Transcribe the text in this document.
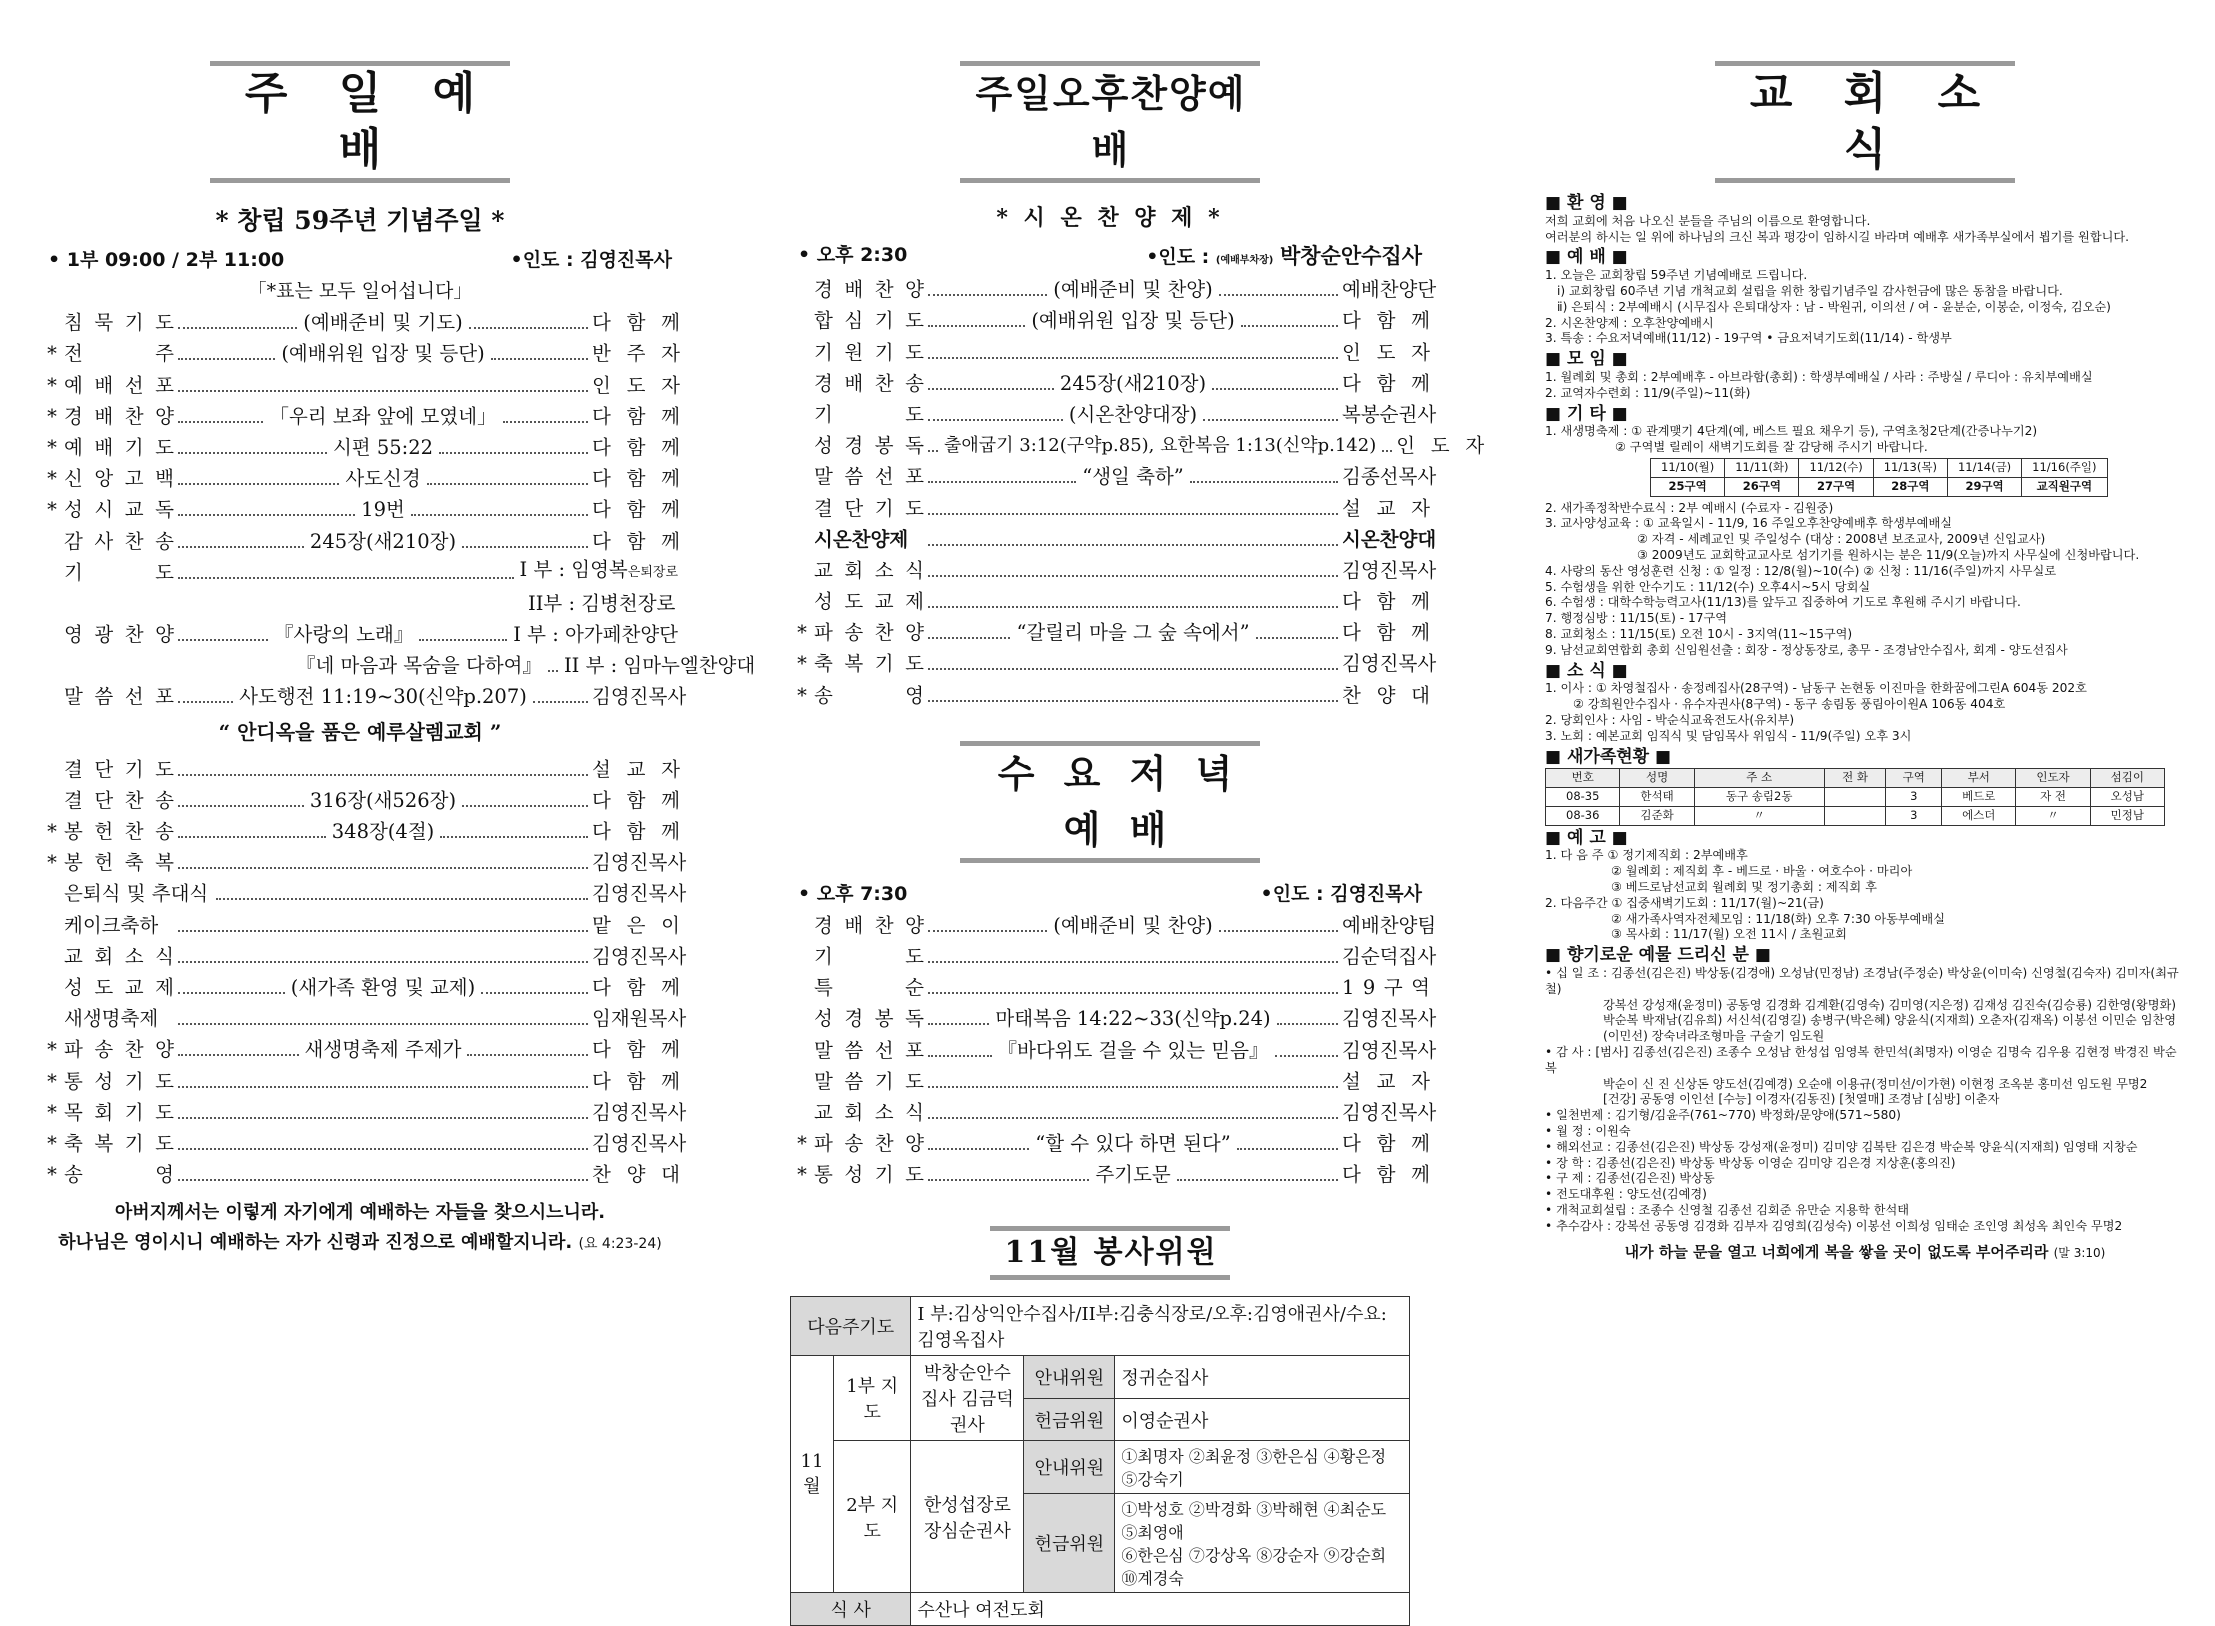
주 일 예 배
* 창립 59주년 기념주일 *
• 1부 09:00 / 2부 11:00	•인도 : 김영진목사
「*표는 모두 일어섭니다」
침 묵 기 도	(예배준비 및 기도)	다 함 께
* 전 주	(예배위원 입장 및 등단)	반 주 자
* 예 배 선 포	인 도 자
* 경 배 찬 양	「우리 보좌 앞에 모였네」	다 함 께
* 예 배 기 도	시편 55:22	다 함 께
* 신 앙 고 백	사도신경	다 함 께
* 성 시 교 독	19번	다 함 께
감 사 찬 송	245장(새210장)	다 함 께
기 도	I 부 : 임영복은퇴장로
II부 : 김병천장로
영 광 찬 양	『사랑의 노래』	I 부 : 아가페찬양단
『네 마음과 목숨을 다하여』 II 부 : 임마누엘찬양대
말 씀 선 포	사도행전 11:19~30(신약p.207)	김영진목사
“ 안디옥을 품은 예루살렘교회 ”
결 단 기 도	설 교 자
결 단 찬 송	316장(새526장)	다 함 께
* 봉 헌 찬 송	348장(4절)	다 함 께
* 봉 헌 축 복	김영진목사
은퇴식 및 추대식	김영진목사
케이크축하	맡 은 이
교 회 소 식	김영진목사
성 도 교 제	(새가족 환영 및 교제)	다 함 께
새생명축제	임재원목사
* 파 송 찬 양	새생명축제 주제가	다 함 께
* 통 성 기 도	다 함 께
* 목 회 기 도	김영진목사
* 축 복 기 도	김영진목사
* 송 영	찬 양 대
아버지께서는 이렇게 자기에게 예배하는 자들을 찾으시느니라.
하나님은 영이시니 예배하는 자가 신령과 진정으로 예배할지니라. (요 4:23-24)
주일오후찬양예배
* 시 온 찬 양 제 *
• 오후 2:30	•인도 : (예배부차장) 박창순안수집사
경 배 찬 양	(예배준비 및 찬양)	예배찬양단
합 심 기 도	(예배위원 입장 및 등단)	다 함 께
기 원 기 도	인 도 자
경 배 찬 송	245장(새210장)	다 함 께
기 도	(시온찬양대장)	복봉순권사
성 경 봉 독 출애굽기 3:12(구약p.85), 요한복음 1:13(신약p.142) 인 도 자
말 씀 선 포	“생일 축하”	김종선목사
결 단 기 도	설 교 자
시온찬양제	시온찬양대
교 회 소 식	김영진목사
성 도 교 제	다 함 께
* 파 송 찬 양	“갈릴리 마을 그 숲 속에서”	다 함 께
* 축 복 기 도	김영진목사
* 송 영	찬 양 대
수 요 저 녁 예 배
• 오후 7:30	•인도 : 김영진목사
경 배 찬 양	(예배준비 및 찬양)	예배찬양팀
기 도	김순덕집사
특 순	1 9 구 역
성 경 봉 독	마태복음 14:22~33(신약p.24)	김영진목사
말 씀 선 포	『바다위도 걸을 수 있는 믿음』	김영진목사
말 씀 기 도	설 교 자
교 회 소 식	김영진목사
* 파 송 찬 양	“할 수 있다 하면 된다”	다 함 께
* 통 성 기 도	주기도문	다 함 께
11월 봉사위원
다음주기도		I 부:김상익안수집사/II부:김충식장로/오후:김영애권사/수요:김영옥집사		
11월	1부 지도	박창순안수집사 김금덕권사	안내위원	정귀순집사
			헌금위원	이영순권사
	2부 지도	한성섭장로 장심순권사	안내위원	①최명자 ②최윤정 ③한은심 ④황은정 ⑤강숙기
			헌금위원	①박성호 ②박경화 ③박해현 ④최순도 ⑤최영애
⑥한은심 ⑦강상옥 ⑧강순자 ⑨강순희 ⑩계경숙

식 사		수산나 여전도회		
교 회 소 식
■ 환 영 ■
저희 교회에 처음 나오신 분들을 주님의 이름으로 환영합니다.
여러분의 하시는 일 위에 하나님의 크신 복과 평강이 임하시길 바라며 예배후 새가족부실에서 뵙기를 원합니다.
■ 예 배 ■
1. 오늘은 교회창립 59주년 기념예배로 드립니다.
ⅰ) 교회창립 60주년 기념 개척교회 설립을 위한 창립기념주일 감사헌금에 많은 동참을 바랍니다.
ⅱ) 은퇴식 : 2부예배시 (시무집사 은퇴대상자 : 남 - 박원귀, 이의선 / 여 - 윤분순, 이봉순, 이정숙, 김오순)
2. 시온찬양제 : 오후찬양예배시
3. 특송 : 수요저녁예배(11/12) - 19구역 • 금요저녁기도회(11/14) - 학생부
■ 모 임 ■
1. 월례회 및 총회 : 2부예배후 - 아브라함(총회) : 학생부예배실 / 사라 : 주방실 / 루디아 : 유치부예배실
2. 교역자수련회 : 11/9(주일)~11(화)
■ 기 타 ■
1. 새생명축제 : ① 관계맺기 4단계(예, 베스트 필요 채우기 등), 구역초청2단계(간증나누기2)
② 구역별 릴레이 새벽기도회를 잘 감당해 주시기 바랍니다.
11/10(월)	11/11(화)	11/12(수)	11/13(목)	11/14(금)	11/16(주일)
25구역	26구역	27구역	28구역	29구역	교직원구역
2. 새가족정착반수료식 : 2부 예배시 (수료자 - 김원중)
3. 교사양성교육 : ① 교육일시 - 11/9, 16 주일오후찬양예배후 학생부예배실
② 자격 - 세례교인 및 주일성수 (대상 : 2008년 보조교사, 2009년 신입교사)
③ 2009년도 교회학교교사로 섬기기를 원하시는 분은 11/9(오늘)까지 사무실에 신청바랍니다.
4. 사랑의 동산 영성훈련 신청 : ① 일정 : 12/8(월)~10(수) ② 신청 : 11/16(주일)까지 사무실로
5. 수험생을 위한 안수기도 : 11/12(수) 오후4시~5시 당회실
6. 수험생 : 대학수학능력고사(11/13)를 앞두고 집중하여 기도로 후원해 주시기 바랍니다.
7. 행정심방 : 11/15(토) - 17구역
8. 교회청소 : 11/15(토) 오전 10시 - 3지역(11~15구역)
9. 남선교회연합회 총회 신임원선출 : 회장 - 정상동장로, 총무 - 조경남안수집사, 회계 - 양도선집사
■ 소 식 ■
1. 이사 : ① 차영철집사 · 송정례집사(28구역) - 남동구 논현동 이진마을 한화꿈에그린A 604동 202호
② 강희원안수집사 · 유수자권사(8구역) - 동구 송림동 풍림아이원A 106동 404호
2. 당회인사 : 사임 - 박순식교육전도사(유치부)
3. 노회 : 예본교회 임직식 및 담임목사 위임식 - 11/9(주일) 오후 3시
■ 새가족현황 ■
번호	성명	주 소	전 화	구역	부서	인도자	섬김이
08-35	한석태	동구 송림2동		3	베드로	자 전	오성남
08-36	김준화	〃		3	에스더	〃	민정남
■ 예 고 ■
1. 다 음 주 ① 정기제직회 : 2부예배후
② 월례회 : 제직회 후 - 베드로 · 바울 · 여호수아 · 마리아
③ 베드로남선교회 월례회 및 정기총회 : 제직회 후
2. 다음주간 ① 집중새벽기도회 : 11/17(월)~21(금)
② 새가족사역자전체모임 : 11/18(화) 오후 7:30 아동부예배실
③ 목사회 : 11/17(월) 오전 11시 / 초원교회
■ 향기로운 예물 드리신 분 ■
• 십 일 조 : 김종선(김은진) 박상동(김경애) 오성남(민정남) 조경남(주정순) 박상윤(이미숙) 신영철(김숙자) 김미자(최규철)
강복선 강성재(윤정미) 공동영 김경화 김계환(김영숙) 김미영(지은정) 김재성 김진숙(김승룡) 김한영(왕명화)
박순복 박재남(김유희) 서신석(김영길) 송병구(박은혜) 양윤식(지재희) 오춘자(김재옥) 이봉선 이민순 임찬영
(이민선) 장숙녀라조형마을 구술기 임도원
• 감 사 : [범사] 김종선(김은진) 조종수 오성남 한성섭 임영복 한민석(최명자) 이영순 김명숙 김우용 김현정 박경진 박순복
박순이 신 진 신상돈 양도선(김예경) 오순애 이용규(정미선/이가현) 이현정 조옥분 홍미선 임도원 무명2
[건강] 공동영 이인선 [수능] 이경자(김동진) [첫열매] 조경남 [심방] 이춘자
• 일천번제 : 김기형/김윤주(761~770) 박정화/문양애(571~580)
• 월 정 : 이원숙
• 해외선교 : 김종선(김은진) 박상동 강성재(윤정미) 김미양 김복탄 김은경 박순복 양윤식(지재희) 임영태 지창순
• 장 학 : 김종선(김은진) 박상동 박상동 이영순 김미양 김은경 지상훈(홍의진)
• 구 제 : 김종선(김은진) 박상동
• 전도대후원 : 양도선(김예경)
• 개척교회설립 : 조종수 신영철 김종선 김회준 유만순 지용학 한석태
• 추수감사 : 강복선 공동영 김경화 김부자 김영희(김성숙) 이봉선 이희성 임태순 조인영 최성옥 최인숙 무명2
내가 하늘 문을 열고 너희에게 복을 쌓을 곳이 없도록 부어주리라 (말 3:10)
